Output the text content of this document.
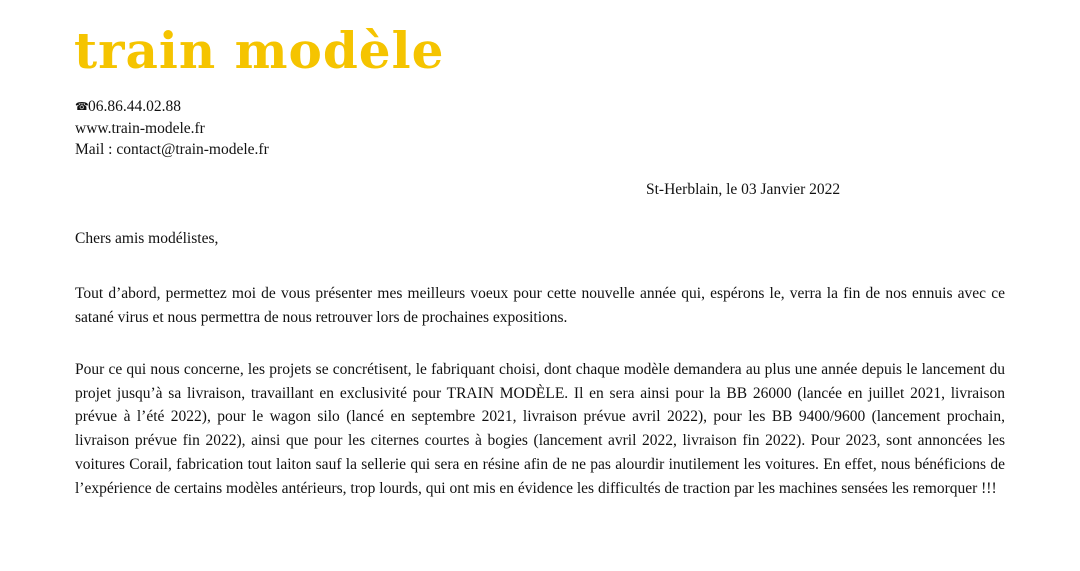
train modèle
☎06.86.44.02.88
www.train-modele.fr
Mail : contact@train-modele.fr
St-Herblain, le 03 Janvier 2022
Chers amis modélistes,
Tout d’abord, permettez moi de vous présenter mes meilleurs voeux pour cette nouvelle année qui, espérons le, verra la fin de nos ennuis avec ce satané virus et nous permettra de nous retrouver lors de prochaines expositions.
Pour ce qui nous concerne, les projets se concrétisent, le fabriquant choisi, dont chaque modèle demandera au plus une année depuis le lancement du projet jusqu’à sa livraison, travaillant en exclusivité pour TRAIN MODÈLE. Il en sera ainsi pour la BB 26000 (lancée en juillet 2021, livraison prévue à l’été 2022), pour le wagon silo (lancé en septembre 2021, livraison prévue avril 2022), pour les BB 9400/9600 (lancement prochain, livraison prévue fin 2022), ainsi que pour les citernes courtes à bogies (lancement avril 2022, livraison fin 2022). Pour 2023, sont annoncées les voitures Corail, fabrication tout laiton sauf la sellerie qui sera en résine afin de ne pas alourdir inutilement les voitures. En effet, nous bénéficions de l’expérience de certains modèles antérieurs, trop lourds, qui ont mis en évidence les difficultés de traction par les machines sensées les remorquer !!!
